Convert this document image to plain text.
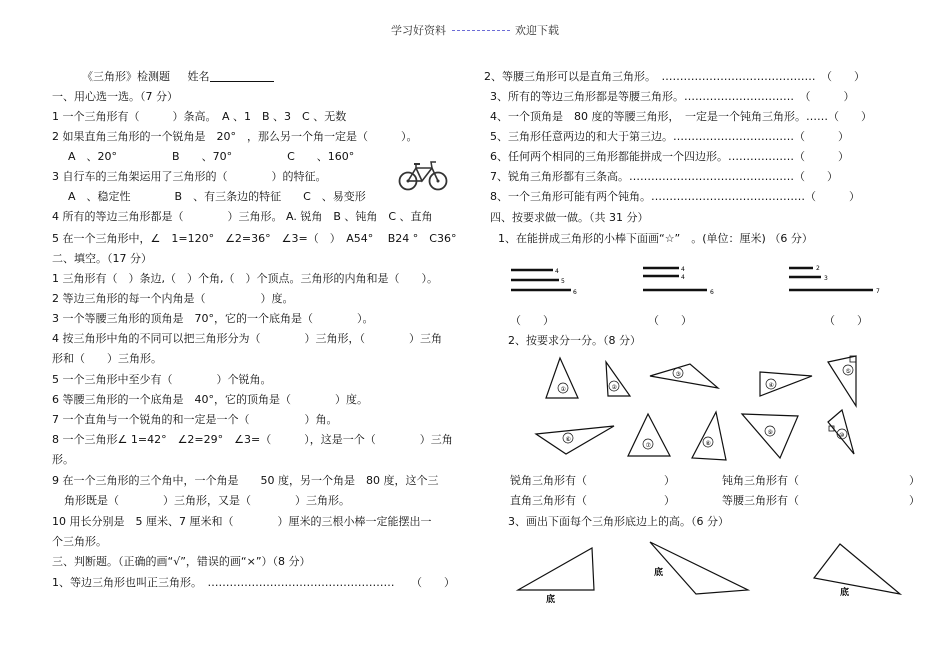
学习好资料	欢迎下载
《三角形》检测题 姓名
一、用心选一选。（7 分）
1 一个三角形有（　　　）条高。　A 、1　B 、3　C 、无数
2 如果直角三角形的一个锐角是　20°　，那么另一个角一定是（　　　）。
A　、20°　　　　　B　　、70°　　　　　C　　、160°
3 自行车的三角架运用了三角形的（　　　　）的特征。
A　、稳定性　　　　B　、有三条边的特征　　C　、易变形
4 所有的等边三角形都是（　　　　）三角形。 A. 锐角　B 、钝角　C 、直角
5 在一个三角形中，∠　1=120°　∠2=36°　∠3=（　）　A54°　 B24 °　C36°
二、填空。（17 分）
1 三角形有（　）条边,（　）个角,（　）个顶点。三角形的内角和是（　　）。
2 等边三角形的每一个内角是（　　　　　）度。
3 一个等腰三角形的顶角是　70°，它的一个底角是（　　　　）。
4 按三角形中角的不同可以把三角形分为（　　　　）三角形，（　　　　）三角
形和（　　）三角形。
5 一个三角形中至少有（　　　　）个锐角。
6 等腰三角形的一个底角是　40°，它的顶角是（　　　　）度。
7 一个直角与一个锐角的和一定是一个（　　　　　）角。
8 一个三角形∠ 1=42°　∠2=29°　∠3=（　　　），这是一个（　　　　）三角
形。
9 在一个三角形的三个角中，一个角是　　50 度，另一个角是　80 度，这个三
角形既是（　　　　）三角形，又是（　　　　）三角形。
10 用长分别是　5 厘米、7 厘米和（　　　　）厘米的三根小棒一定能摆出一
个三角形。
三、判断题。（正确的画“√”，错误的画“×”）（8 分）
1、等边三角形也叫正三角形。　……………………………………………　　（　　）
2、等腰三角形可以是直角三角形。　……………………………………　（　　）
3、所有的等边三角形都是等腰三角形。…………………………　（　　　）
4、一个顶角是　80 度的等腰三角形，　一定是一个钝角三角形。……（　　）
5、三角形任意两边的和大于第三边。……………………………（　　　）
6、任何两个相同的三角形都能拼成一个四边形。………………（　　　）
7、锐角三角形都有三条高。………………………………………（　　）
8、一个三角形可能有两个钝角。……………………………………（　　　）
四、按要求做一做。（共 31 分）
1、在能拼成三角形的小棒下面画“☆”　。(单位：厘米) （6 分）
4
5
6
4
4
6
2
3
7
（　　）	（　　）	（　　）
2、按要求分一分。（8 分）
①	②
③
④
⑤
⑥
⑦	⑧
⑨	⑩
锐角三角形有（　　　　　　　）	钝角三角形有（　　　　　　　　　　）
直角三角形有（　　　　　　　）	等腰三角形有（　　　　　　　　　　）
3、画出下面每个三角形底边上的高。（6 分）
底
底
底
